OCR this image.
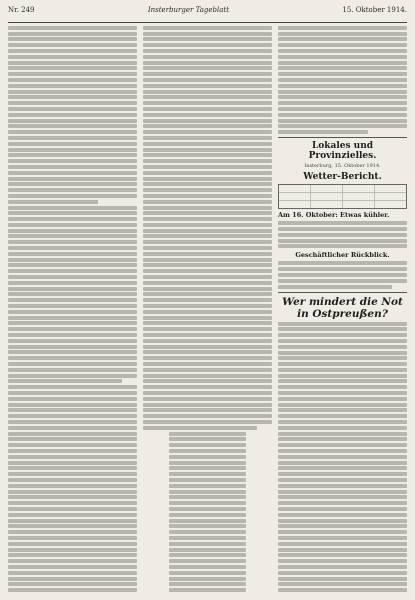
Nr. 249	Insterburger Tageblatt	15. Oktober 1914.
Lokales und Provinzielles.
Insterburg, 15. Oktober 1914.
Wetter-Bericht.
Am 16. Oktober: Etwas kühler.
Geschäftlicher Rückblick.
Wer mindert die Not in Ostpreußen?
